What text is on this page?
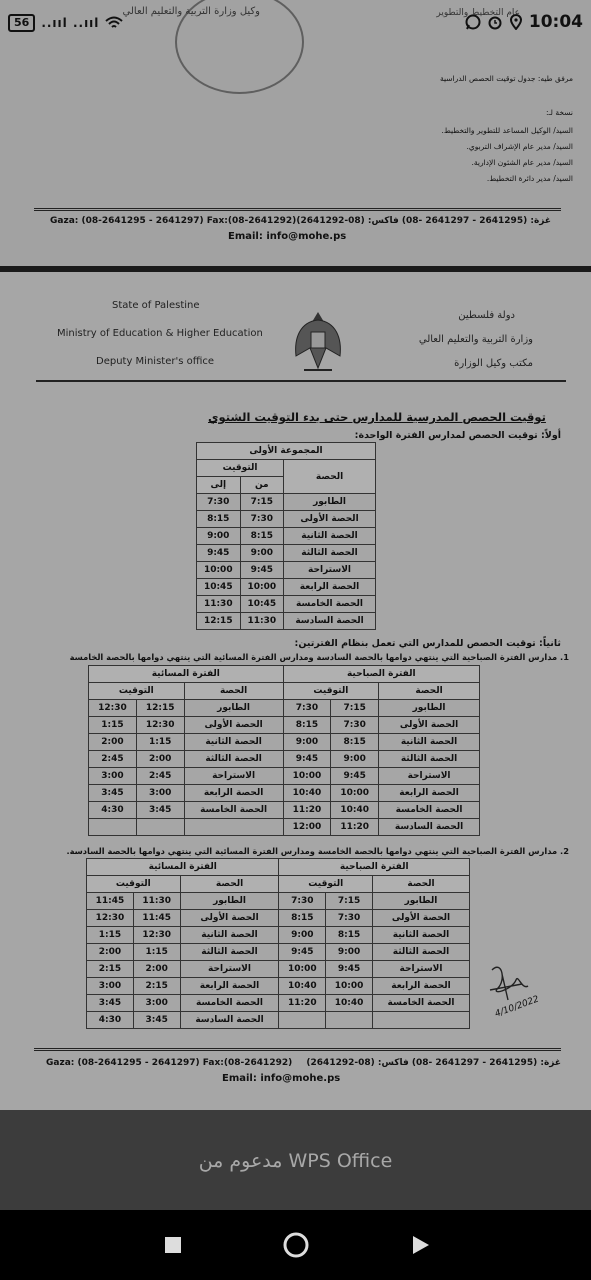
56	..ııl ..ııl	10:04
عام التخطيط والتطوير
وكيل وزارة التربية والتعليم العالي
مرفق طيه: جدول توقيت الحصص الدراسية
نسخة لـ:
السيد/ الوكيل المساعد للتطوير والتخطيط.
السيد/ مدير عام الإشراف التربوي.
السيد/ مدير عام الشئون الإدارية.
السيد/ مدير دائرة التخطيط.
Gaza: (08-2641295 - 2641297) Fax:(08-2641292) غزة: (2641295 - 2641297 -08) فاكس: (08-2641292)
Email: info@mohe.ps
State of Palestine
Ministry of Education & Higher Education
Deputy Minister's office
دولة فلسطين
وزارة التربية والتعليم العالي
مكتب وكيل الوزارة
توقيت الحصص المدرسية للمدارس حتى بدء التوقيت الشتوي
أولاً: توقيت الحصص لمدارس الفترة الواحدة:
المجموعة الأولى		
الحصة	التوقيت	
	من	إلى
الطابور	7:15	7:30
الحصة الأولى	7:30	8:15
الحصة الثانية	8:15	9:00
الحصة الثالثة	9:00	9:45
الاستراحة	9:45	10:00
الحصة الرابعة	10:00	10:45
الحصة الخامسة	10:45	11:30
الحصة السادسة	11:30	12:15
ثانياً: توقيت الحصص للمدارس التي تعمل بنظام الفترتين:
1. مدارس الفترة الصباحية التي ينتهي دوامها بالحصة السادسة ومدارس الفترة المسائية التي ينتهي دوامها بالحصة الخامسة
الفترة الصباحية			الفترة المسائية		
الحصة	التوقيت		الحصة	التوقيت	
الطابور	7:15	7:30	الطابور	12:15	12:30
الحصة الأولى	7:30	8:15	الحصة الأولى	12:30	1:15
الحصة الثانية	8:15	9:00	الحصة الثانية	1:15	2:00
الحصة الثالثة	9:00	9:45	الحصة الثالثة	2:00	2:45
الاستراحة	9:45	10:00	الاستراحة	2:45	3:00
الحصة الرابعة	10:00	10:40	الحصة الرابعة	3:00	3:45
الحصة الخامسة	10:40	11:20	الحصة الخامسة	3:45	4:30
الحصة السادسة	11:20	12:00			
2. مدارس الفترة الصباحية التي ينتهي دوامها بالحصة الخامسة ومدارس الفترة المسائية التي ينتهي دوامها بالحصة السادسة.
الفترة الصباحية			الفترة المسائية		
الحصة	التوقيت		الحصة	التوقيت	
الطابور	7:15	7:30	الطابور	11:30	11:45
الحصة الأولى	7:30	8:15	الحصة الأولى	11:45	12:30
الحصة الثانية	8:15	9:00	الحصة الثانية	12:30	1:15
الحصة الثالثة	9:00	9:45	الحصة الثالثة	1:15	2:00
الاستراحة	9:45	10:00	الاستراحة	2:00	2:15
الحصة الرابعة	10:00	10:40	الحصة الرابعة	2:15	3:00
الحصة الخامسة	10:40	11:20	الحصة الخامسة	3:00	3:45
			الحصة السادسة	3:45	4:30
4/10/2022
Gaza: (08-2641295 - 2641297) Fax:(08-2641292) غزة: (2641295 - 2641297 -08) فاكس: (08-2641292)
Email: info@mohe.ps
مدعوم من WPS Office
